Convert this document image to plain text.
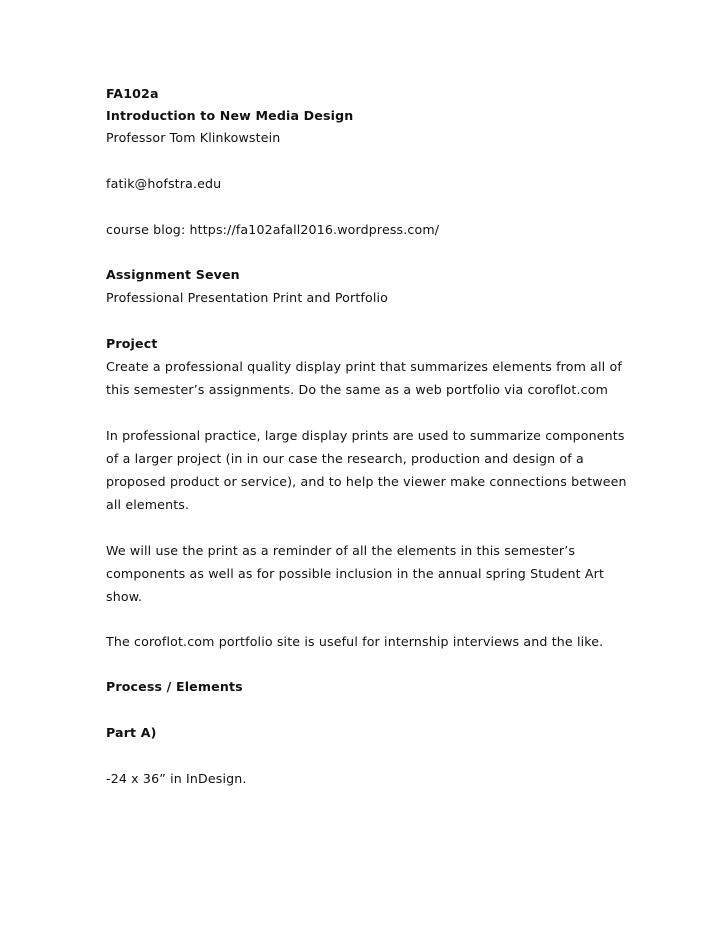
FA102a
Introduction to New Media Design
Professor Tom Klinkowstein
fatik@hofstra.edu
course blog: https://fa102afall2016.wordpress.com/
Assignment Seven
Professional Presentation Print and Portfolio
Project
Create a professional quality display print that summarizes elements from all of
this semester’s assignments. Do the same as a web portfolio via coroflot.com
In professional practice, large display prints are used to summarize components
of a larger project (in in our case the research, production and design of a
proposed product or service), and to help the viewer make connections between
all elements.
We will use the print as a reminder of all the elements in this semester’s
components as well as for possible inclusion in the annual spring Student Art
show.
The coroflot.com portfolio site is useful for internship interviews and the like.
Process / Elements
Part A)
-24 x 36” in InDesign.
